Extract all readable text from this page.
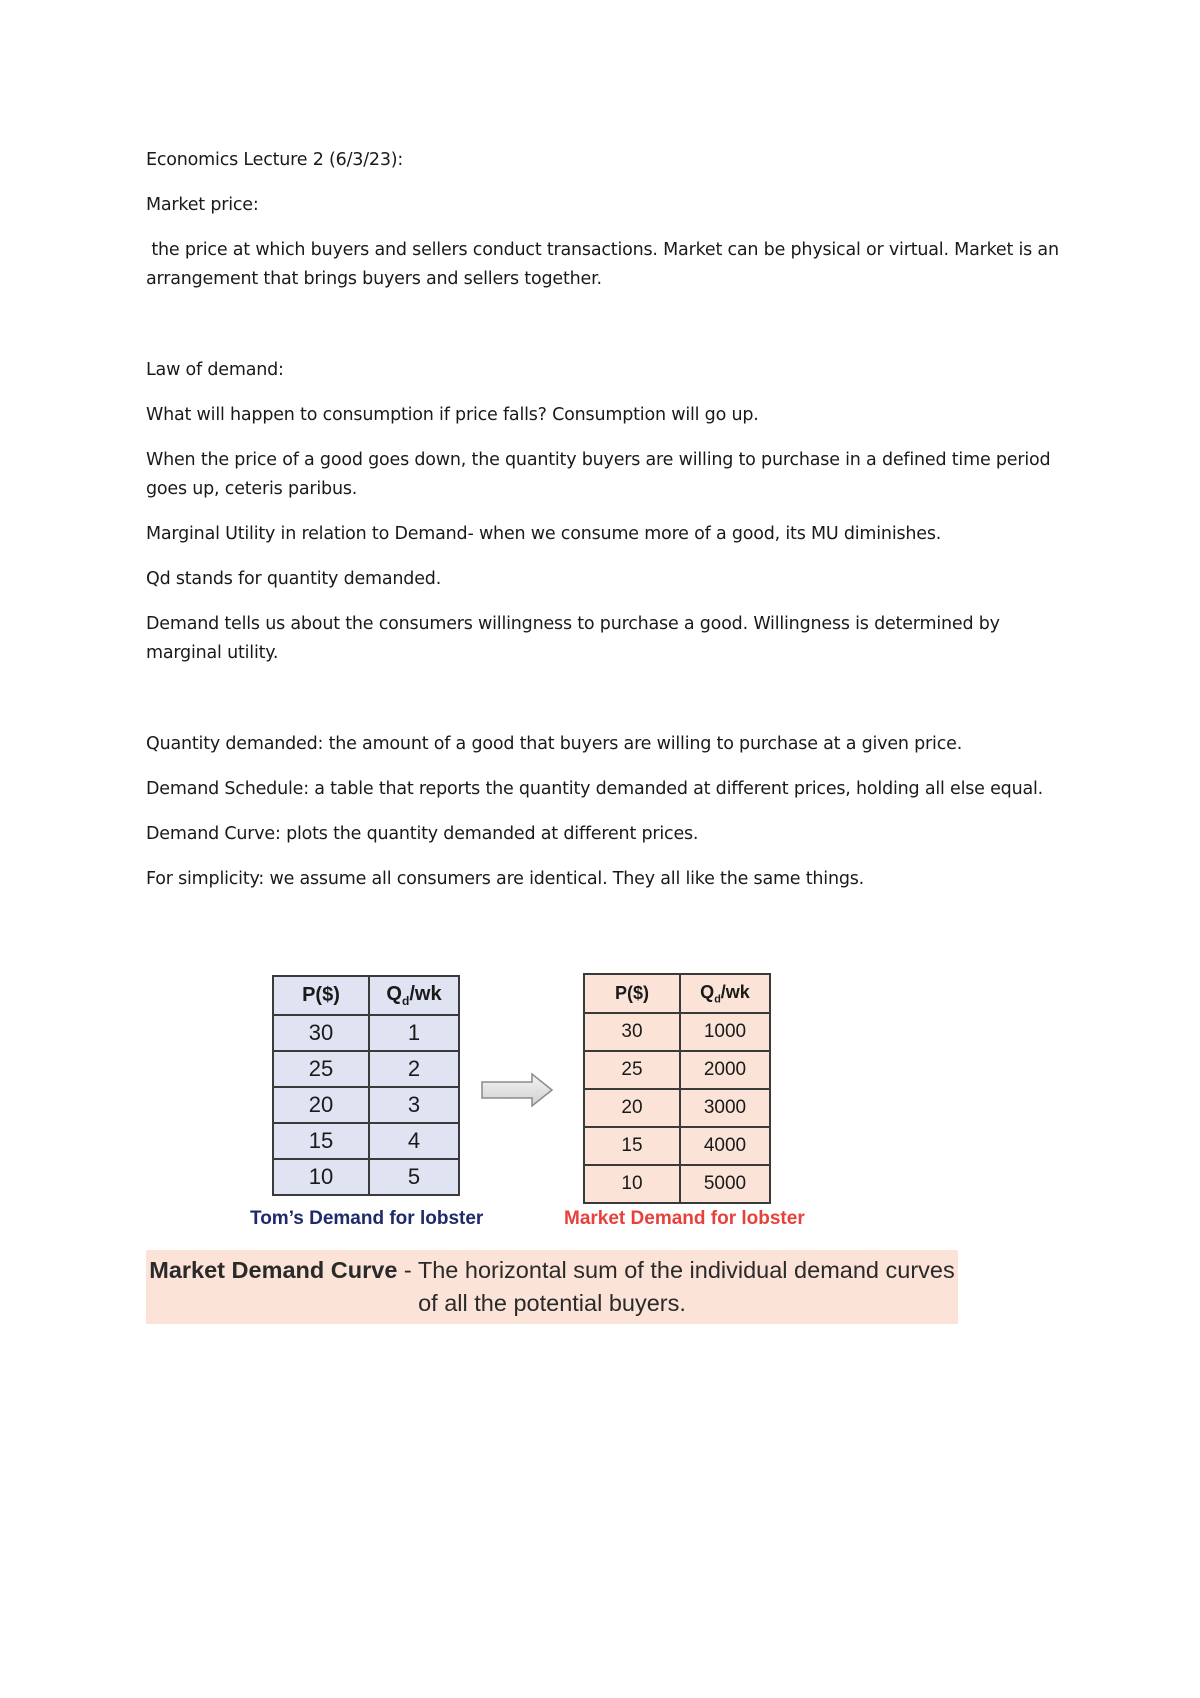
Economics Lecture 2 (6/3/23):

Market price:

the price at which buyers and sellers conduct transactions. Market can be physical or virtual. Market is an arrangement that brings buyers and sellers together.

Law of demand:

What will happen to consumption if price falls? Consumption will go up.

When the price of a good goes down, the quantity buyers are willing to purchase in a defined time period goes up, ceteris paribus.

Marginal Utility in relation to Demand- when we consume more of a good, its MU diminishes.

Qd stands for quantity demanded.

Demand tells us about the consumers willingness to purchase a good. Willingness is determined by marginal utility.

Quantity demanded: the amount of a good that buyers are willing to purchase at a given price.

Demand Schedule: a table that reports the quantity demanded at different prices, holding all else equal.

Demand Curve: plots the quantity demanded at different prices.

For simplicity: we assume all consumers are identical. They all like the same things.

P($)	$Q_d/wk$
30	1
25	2
20	3
15	4
10	5
P($)	$Q_d/wk$
30	1000
25	2000
20	3000
15	4000
10	5000
Tom’s Demand for lobster	Market Demand for lobster
Market Demand Curve - The horizontal sum of the individual demand curves of all the potential buyers.
